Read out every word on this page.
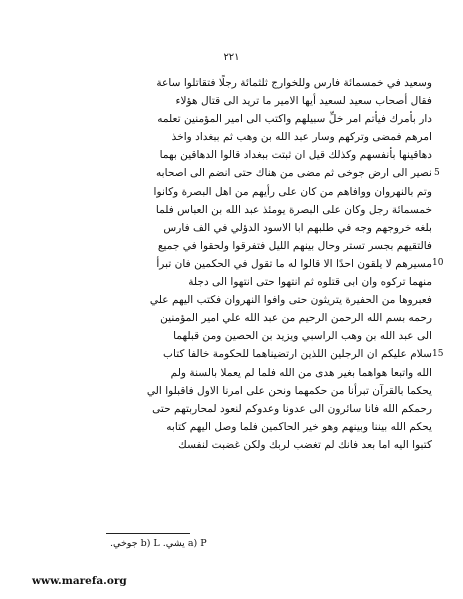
٢٢١
وسعيد في خمسمائة فارس وللخوارج ثلثمائة رجلًا فتقاتلوا ساعة
فقال أصحاب سعيد لسعيد أيها الامير ما تريد الى قتال هؤلاء
دار بأمرك فيأتم امر خلِّ سبيلهم واكتب الى امير المؤمنين تعلمه
امرهم فمضى وتركهم وسار عبد الله بن وهب ثم ببغداد واخذ
دهاقينها بأنفسهم وكذلك قيل ان ثبتت ببغداد قالوا الدهاقين بهما
نصير الى ارض جوخى ثم مضى من هناك حتى انضم الى اصحابه
وتم بالنهروان ووافاهم من كان على رأيهم من اهل البصرة وكانوا
خمسمائة رجل وكان على البصرة يومئذ عبد الله بن العباس فلما
بلغه خروجهم وجه في طلبهم ابا الاسود الدؤلي في الف فارس
فالتقيهم بجسر تستر وحال بينهم الليل فتفرقوا ولحقوا في جميع
مسيرهم لا يلقون احدًا الا قالوا له ما تقول في الحكمين فان تبرأ
منهما تركوه وان ابى قتلوه ثم انتهوا حتى انتهوا الى دجلة
فعبروها من الحفيرة يتريثون حتى وافوا النهروان فكتب اليهم علي
رحمه بسم الله الرحمن الرحيم من عبد الله علي امير المؤمنين
الى عبد الله بن وهب الراسبي ويزيد بن الحصين ومن قبلهما
سلام عليكم ان الرجلين اللذين ارتضيناهما للحكومة خالفا كتاب
الله واتبعا هواهما بغير هدى من الله فلما لم يعملا بالسنة ولم
يحكما بالقرآن تبرأنا من حكمهما ونحن على امرنا الاول فاقبلوا الي
رحمكم الله فانا سائرون الى عدونا وعدوكم لنعود لمحاربتهم حتى
يحكم الله بيننا وبينهم وهو خير الحاكمين فلما وصل اليهم كتابه
كتبوا اليه اما بعد فانك لم تغضب لربك ولكن غضبت لنفسك
5
10
15
a) P يشي. b) L جوخي.
www.marefa.org
